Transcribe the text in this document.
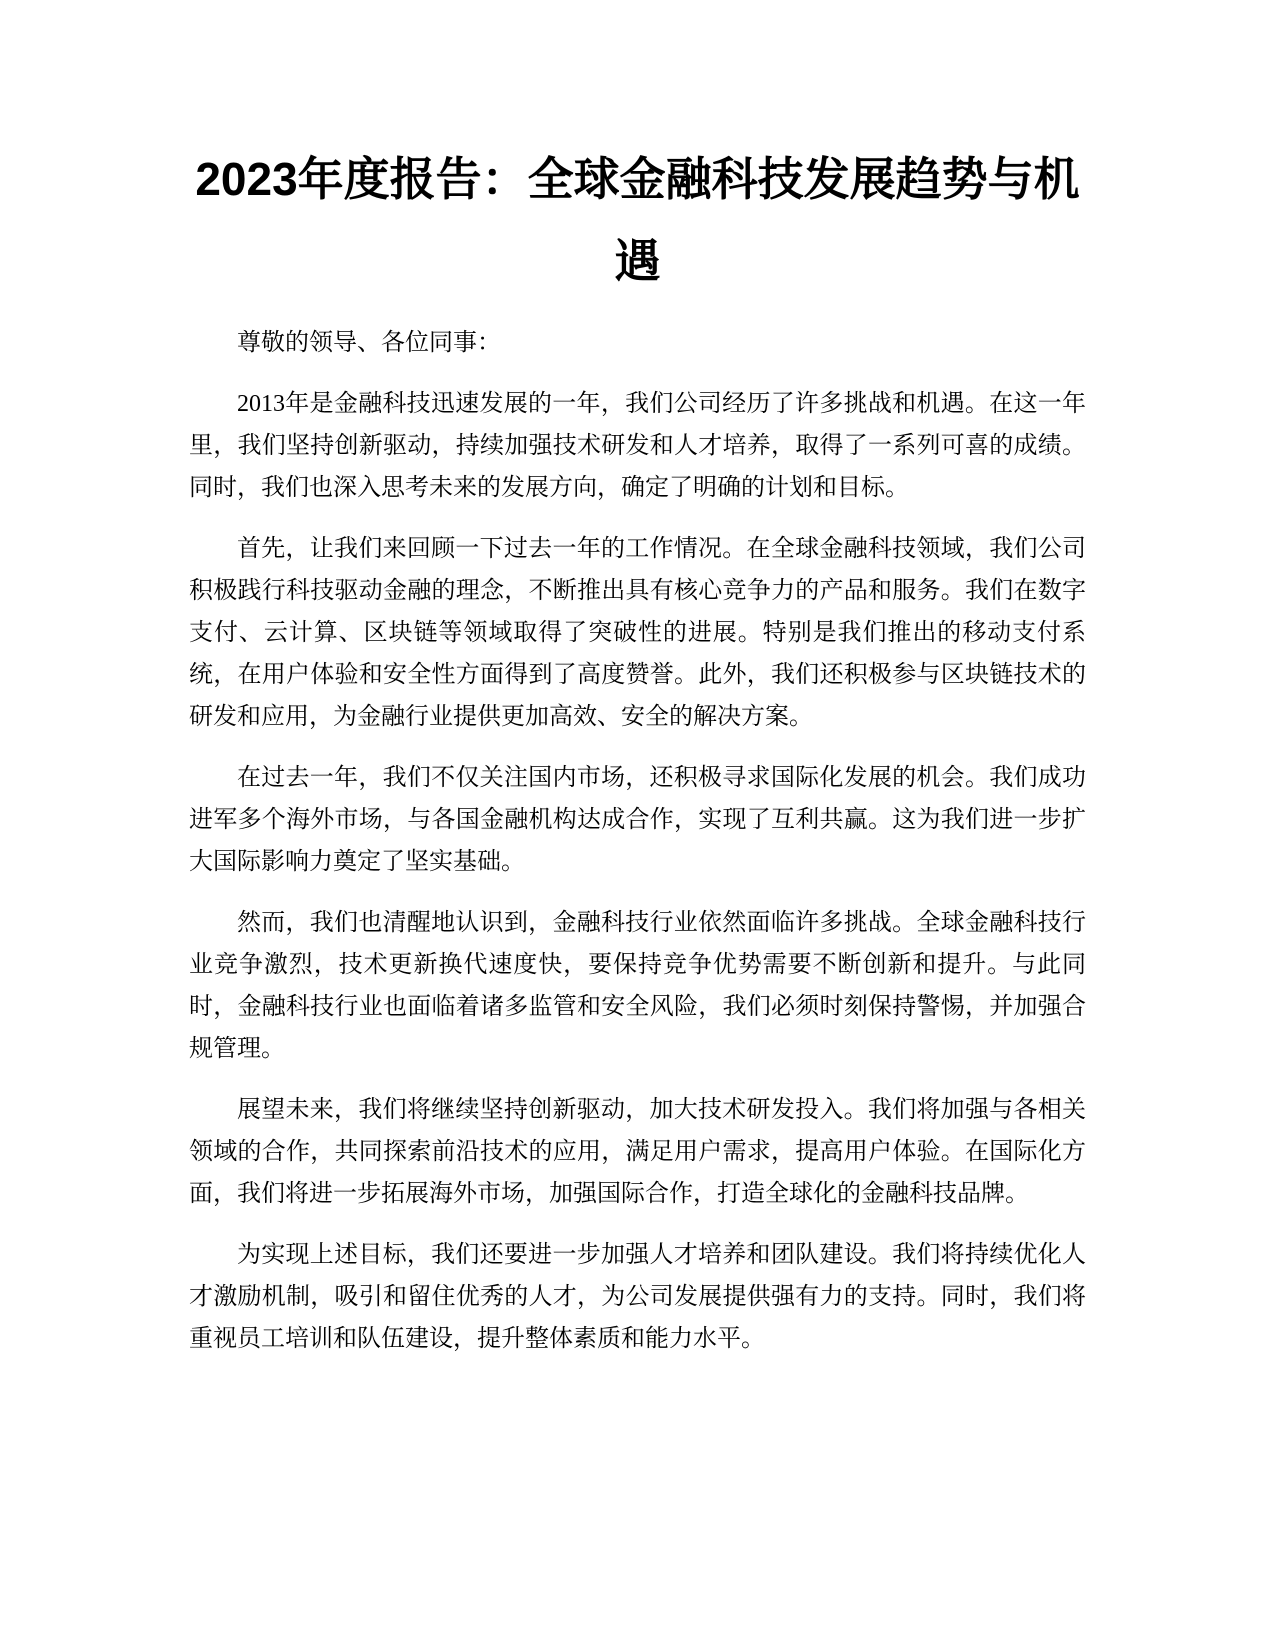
2023年度报告：全球金融科技发展趋势与机遇

尊敬的领导、各位同事：

2013年是金融科技迅速发展的一年，我们公司经历了许多挑战和机遇。在这一年里，我们坚持创新驱动，持续加强技术研发和人才培养，取得了一系列可喜的成绩。同时，我们也深入思考未来的发展方向，确定了明确的计划和目标。

首先，让我们来回顾一下过去一年的工作情况。在全球金融科技领域，我们公司积极践行科技驱动金融的理念，不断推出具有核心竞争力的产品和服务。我们在数字支付、云计算、区块链等领域取得了突破性的进展。特别是我们推出的移动支付系统，在用户体验和安全性方面得到了高度赞誉。此外，我们还积极参与区块链技术的研发和应用，为金融行业提供更加高效、安全的解决方案。

在过去一年，我们不仅关注国内市场，还积极寻求国际化发展的机会。我们成功进军多个海外市场，与各国金融机构达成合作，实现了互利共赢。这为我们进一步扩大国际影响力奠定了坚实基础。

然而，我们也清醒地认识到，金融科技行业依然面临许多挑战。全球金融科技行业竞争激烈，技术更新换代速度快，要保持竞争优势需要不断创新和提升。与此同时，金融科技行业也面临着诸多监管和安全风险，我们必须时刻保持警惕，并加强合规管理。

展望未来，我们将继续坚持创新驱动，加大技术研发投入。我们将加强与各相关领域的合作，共同探索前沿技术的应用，满足用户需求，提高用户体验。在国际化方面，我们将进一步拓展海外市场，加强国际合作，打造全球化的金融科技品牌。

为实现上述目标，我们还要进一步加强人才培养和团队建设。我们将持续优化人才激励机制，吸引和留住优秀的人才，为公司发展提供强有力的支持。同时，我们将重视员工培训和队伍建设，提升整体素质和能力水平。
